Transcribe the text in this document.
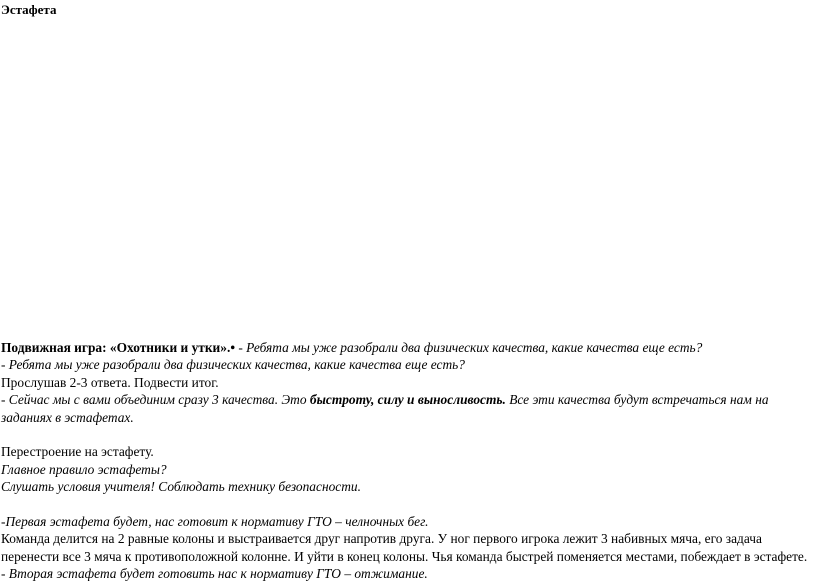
Эстафета
Подвижная игра: «Охотники и утки».• - Ребята мы уже разобрали два физических качества, какие качества еще есть?
- Ребята мы уже разобрали два физических качества, какие качества еще есть?
Прослушав 2-3 ответа. Подвести итог.
- Сейчас мы с вами объединим сразу 3 качества. Это быстроту, силу и выносливость. Все эти качества будут встречаться нам на заданиях в эстафетах.
Перестроение на эстафету.
Главное правило эстафеты?
Слушать условия учителя! Соблюдать технику безопасности.
-Первая эстафета будет, нас готовит к нормативу ГТО – челночных бег.
Команда делится на 2 равные колоны и выстраивается друг напротив друга. У ног первого игрока лежит 3 набивных мяча, его задача перенести все 3 мяча к противоположной колонне. И уйти в конец колоны. Чья команда быстрей поменяется местами, побеждает в эстафете.
- Вторая эстафета будет готовить нас к нормативу ГТО – отжимание.
